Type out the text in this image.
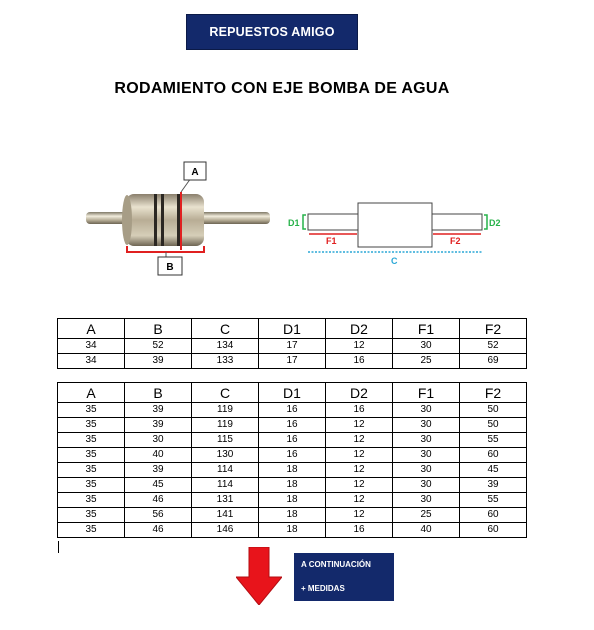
REPUESTOS AMIGO
RODAMIENTO CON EJE BOMBA DE AGUA
A
B
D1	D2
F1	F2
C
A	B	C	D1	D2	F1	F2
34	52	134	17	12	30	52
34	39	133	17	16	25	69
A	B	C	D1	D2	F1	F2
35	39	119	16	16	30	50
35	39	119	16	12	30	50
35	30	115	16	12	30	55
35	40	130	16	12	30	60
35	39	114	18	12	30	45
35	45	114	18	12	30	39
35	46	131	18	12	30	55
35	56	141	18	12	25	60
35	46	146	18	16	40	60
A CONTINUACIÓN
+ MEDIDAS
